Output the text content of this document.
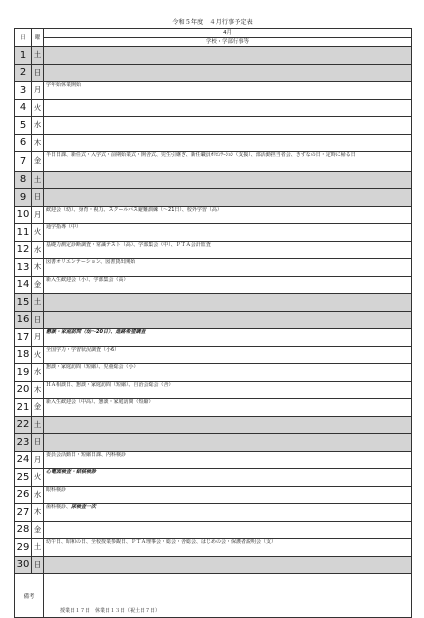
令和５年度　４月行事予定表
日	曜	4月
		学校・学部行事等
1	土	
2	日	
3	月	学年始休業開始
4	火	
5	水	
6	木	
7	金	半日日課、新任式・入学式・前期始業式・開舎式、児生引継ぎ、新任職員ｵﾘｴﾝﾃｰｼｮﾝ（支援）、部活動担当者会、きずなの日・定時に帰る日
8	土	
9	日	
10	月	歓迎会（幼）、身育・視力、スクールバス避難訓練（～21日）、校外学習（高）
11	火	通学指導（中）
12	水	基礎力測定診断調査・常識テスト（高）、学部集会（中）、ＰＴＡ会計監査
13	木	図書オリエンテーション、図書貸出開始
14	金	新入生歓迎会（小）、学部集会（高）
15	土	
16	日	
17	月	懇談・家庭訪問（幼～20日）、進路希望調査
18	火	全国学力・学習状況調査（小6）
19	水	懇談・家庭訪問（短縮）、児童総会（小）
20	木	ＨＡ相談日、懇談・家庭訪問（短縮）、自治会総会（舎）
21	金	新入生歓迎会（中高）、懇談・家庭訪問（短縮）
22	土	
23	日	
24	月	委員会活動日・短縮日課、内科検診
25	火	心電図検査・結核検診
26	水	眼科検診
27	木	歯科検診、尿検査一次
28	金	
29	土	幼午日、昭和の日、全校授業参観日、ＰＴＡ理事会・総会・舎総会、はじめの会・保護者説明会（支）
30	日	
備考		授業日１７日　休業日１３日（祝土日７日）
